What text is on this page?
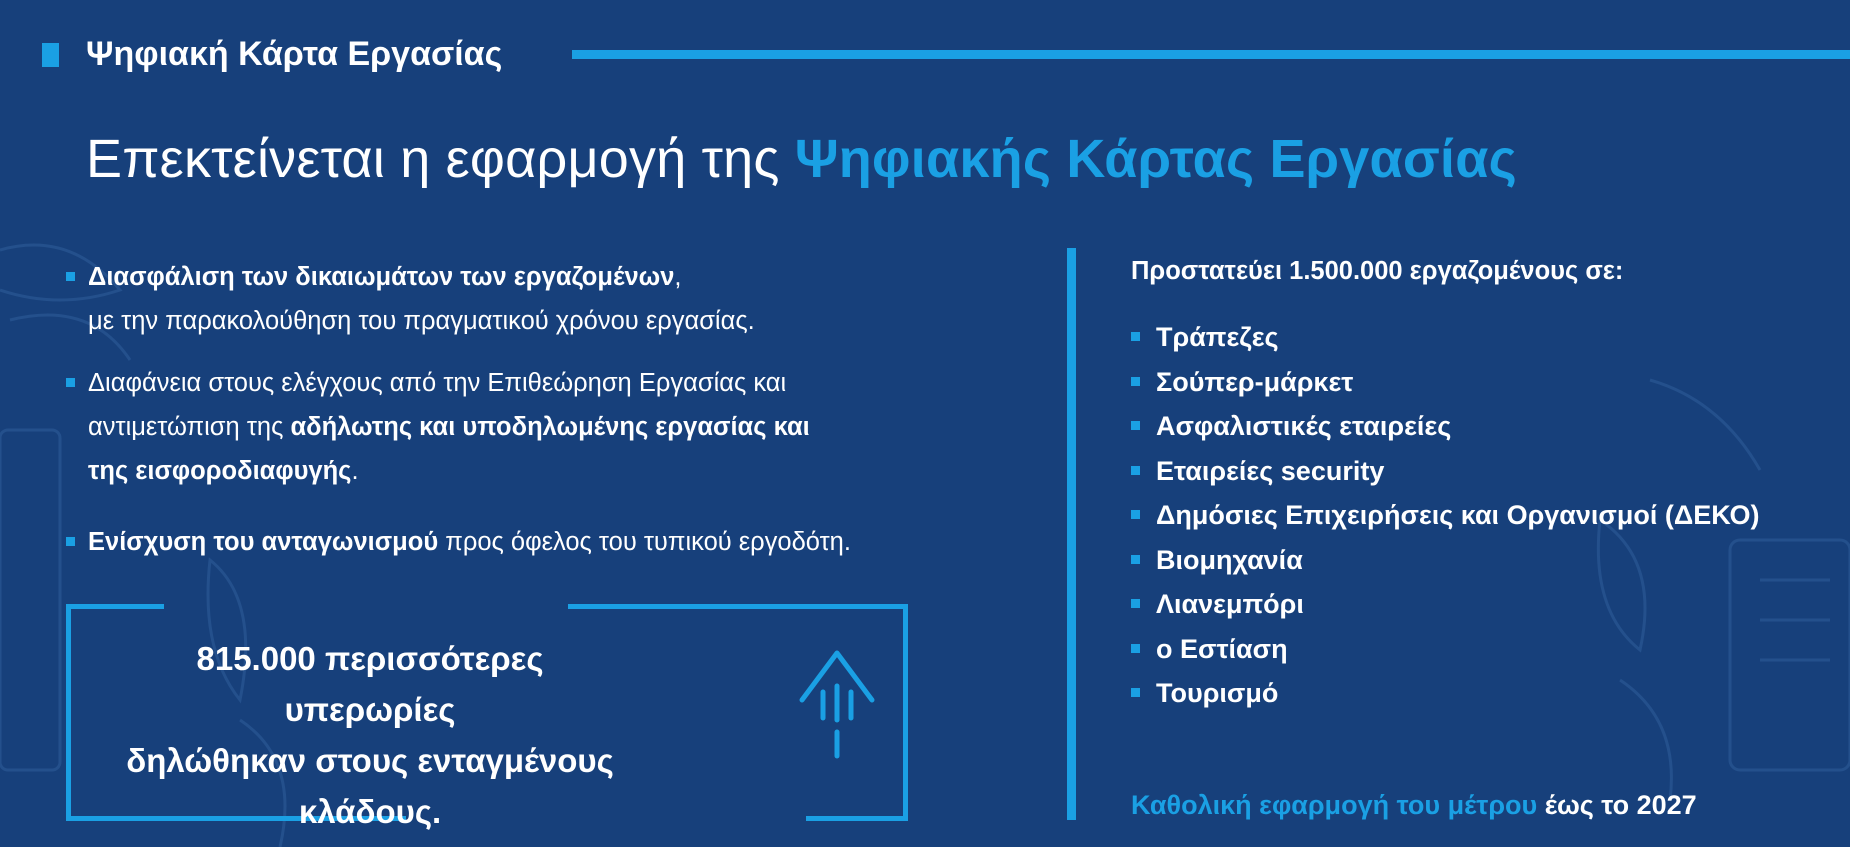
Ψηφιακή Κάρτα Εργασίας
Επεκτείνεται η εφαρμογή της Ψηφιακής Κάρτας Εργασίας
Διασφάλιση των δικαιωμάτων των εργαζομένων,
με την παρακολούθηση του πραγματικού χρόνου εργασίας.
Διαφάνεια στους ελέγχους από την Επιθεώρηση Εργασίας και
αντιμετώπιση της αδήλωτης και υποδηλωμένης εργασίας και
της εισφοροδιαφυγής.
Ενίσχυση του ανταγωνισμού προς όφελος του τυπικού εργοδότη.
815.000 περισσότερες υπερωρίες
δηλώθηκαν στους ενταγμένους
κλάδους.
Προστατεύει 1.500.000 εργαζομένους σε:
Τράπεζες
Σούπερ-μάρκετ
Ασφαλιστικές εταιρείες
Εταιρείες security
Δημόσιες Επιχειρήσεις και Οργανισμοί (ΔΕΚΟ)
Βιομηχανία
Λιανεμπόρι
ο Εστίαση
Τουρισμό
Καθολική εφαρμογή του μέτρου έως το 2027
